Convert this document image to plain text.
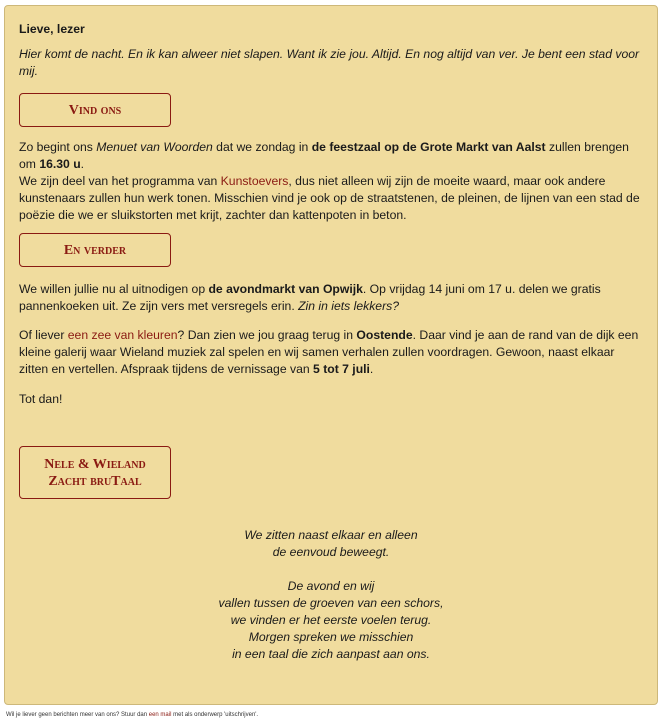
Lieve, lezer

Hier komt de nacht. En ik kan alweer niet slapen. Want ik zie jou. Altijd. En nog altijd van ver. Je bent een stad voor mij.

Vind ons

Zo begint ons Menuet van Woorden dat we zondag in de feestzaal op de Grote Markt van Aalst zullen brengen om 16.30 u.
We zijn deel van het programma van Kunstoevers, dus niet alleen wij zijn de moeite waard, maar ook andere kunstenaars zullen hun werk tonen. Misschien vind je ook op de straatstenen, de pleinen, de lijnen van een stad de poëzie die we er sluikstorten met krijt, zachter dan kattenpoten in beton.

En verder

We willen jullie nu al uitnodigen op de avondmarkt van Opwijk. Op vrijdag 14 juni om 17 u. delen we gratis pannenkoeken uit. Ze zijn vers met versregels erin. Zin in iets lekkers?

Of liever een zee van kleuren? Dan zien we jou graag terug in Oostende. Daar vind je aan de rand van de dijk een kleine galerij waar Wieland muziek zal spelen en wij samen verhalen zullen voordragen. Gewoon, naast elkaar zitten en vertellen. Afspraak tijdens de vernissage van 5 tot 7 juli.

Tot dan!

Nele & Wieland
Zacht bruTaal

We zitten naast elkaar en alleen

de eenvoud beweegt.

De avond en wij

vallen tussen de groeven van een schors,

we vinden er het eerste voelen terug.

Morgen spreken we misschien

in een taal die zich aanpast aan ons.

Wil je liever geen berichten meer van ons? Stuur dan een mail met als onderwerp 'uitschrijven'.
